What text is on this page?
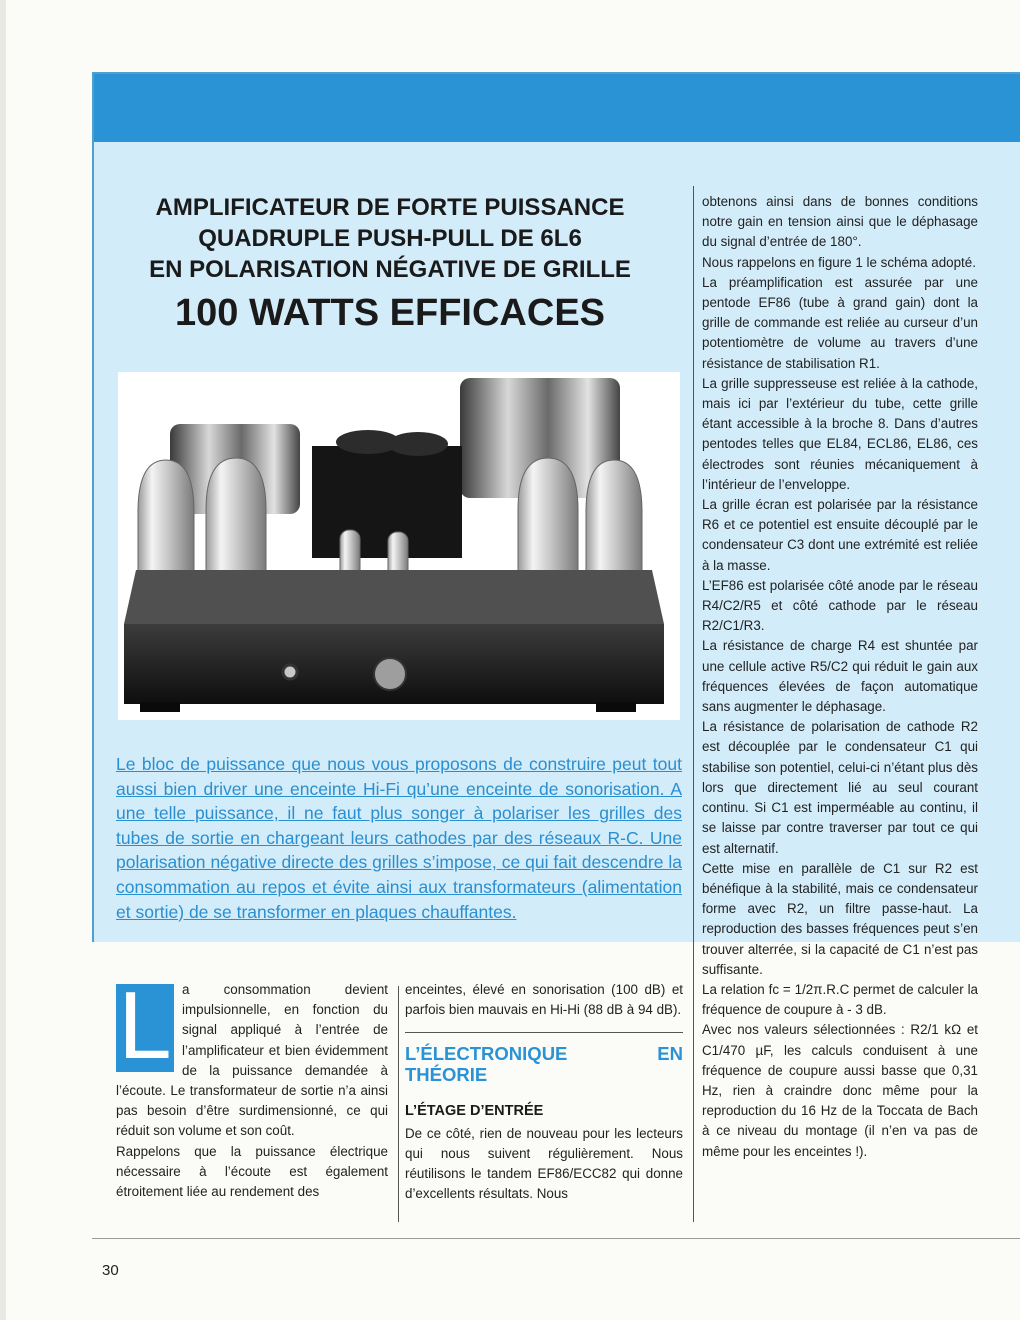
AMPLIFICATEUR DE FORTE PUISSANCE
QUADRUPLE PUSH-PULL DE 6L6
EN POLARISATION NÉGATIVE DE GRILLE
100 WATTS EFFICACES
Le bloc de puissance que nous vous proposons de construire peut tout aussi bien driver une enceinte Hi-Fi qu’une enceinte de sonorisation. A une telle puissance, il ne faut plus songer à polariser les grilles des tubes de sortie en chargeant leurs cathodes par des réseaux R-C. Une polarisation négative directe des grilles s’impose, ce qui fait descendre la consommation au repos et évite ainsi aux transformateurs (alimentation et sortie) de se transformer en plaques chauffantes.
L a consommation devient impulsionnelle, en fonction du signal appliqué à l’entrée de l’amplificateur et bien évidemment de la puissance demandée à l’écoute. Le transformateur de sortie n’a ainsi pas besoin d’être surdimensionné, ce qui réduit son volume et son coût.

Rappelons que la puissance électrique nécessaire à l’écoute est également étroitement liée au rendement des

enceintes, élevé en sonorisation (100 dB) et parfois bien mauvais en Hi-Hi (88 dB à 94 dB).

L’ÉLECTRONIQUE EN THÉORIE
L’ÉTAGE D’ENTRÉE

De ce côté, rien de nouveau pour les lecteurs qui nous suivent régulièrement. Nous réutilisons le tandem EF86/ECC82 qui donne d’excellents résultats. Nous

obtenons ainsi dans de bonnes conditions notre gain en tension ainsi que le déphasage du signal d’entrée de 180°.

Nous rappelons en figure 1 le schéma adopté.

La préamplification est assurée par une pentode EF86 (tube à grand gain) dont la grille de commande est reliée au curseur d’un potentiomètre de volume au travers d’une résistance de stabilisation R1.

La grille suppresseuse est reliée à la cathode, mais ici par l’extérieur du tube, cette grille étant accessible à la broche 8. Dans d’autres pentodes telles que EL84, ECL86, EL86, ces électrodes sont réunies mécaniquement à l’intérieur de l’enveloppe.

La grille écran est polarisée par la résistance R6 et ce potentiel est ensuite découplé par le condensateur C3 dont une extrémité est reliée à la masse.

L’EF86 est polarisée côté anode par le réseau R4/C2/R5 et côté cathode par le réseau R2/C1/R3.

La résistance de charge R4 est shuntée par une cellule active R5/C2 qui réduit le gain aux fréquences élevées de façon automatique sans augmenter le déphasage.

La résistance de polarisation de cathode R2 est découplée par le condensateur C1 qui stabilise son potentiel, celui-ci n’étant plus dès lors que directement lié au seul courant continu. Si C1 est imperméable au continu, il se laisse par contre traverser par tout ce qui est alternatif.

Cette mise en parallèle de C1 sur R2 est bénéfique à la stabilité, mais ce condensateur forme avec R2, un filtre passe-haut. La reproduction des basses fréquences peut s’en trouver alterrée, si la capacité de C1 n’est pas suffisante.

La relation fc = 1/2π.R.C permet de calculer la fréquence de coupure à - 3 dB.

Avec nos valeurs sélectionnées : R2/1 kΩ et C1/470 µF, les calculs conduisent à une fréquence de coupure aussi basse que 0,31 Hz, rien à craindre donc même pour la reproduction du 16 Hz de la Toccata de Bach à ce niveau du montage (il n’en va pas de même pour les enceintes !).

30
